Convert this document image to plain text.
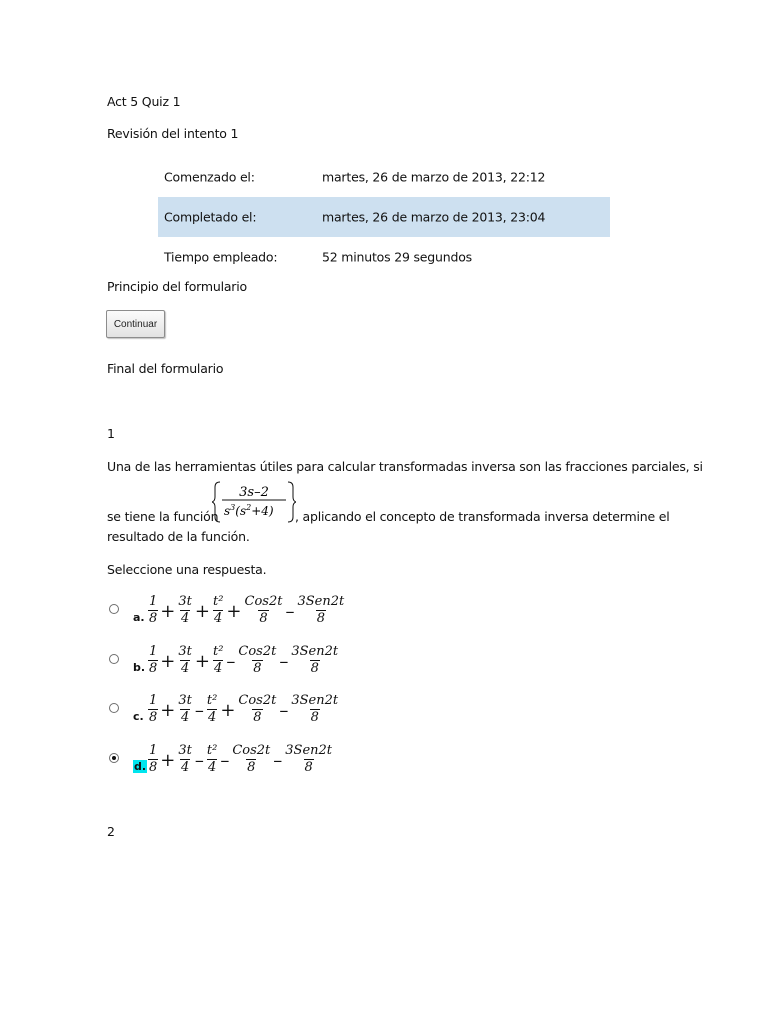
Act 5 Quiz 1
Revisión del intento 1
Comenzado el:	martes, 26 de marzo de 2013, 22:12
Completado el:	martes, 26 de marzo de 2013, 23:04
Tiempo empleado:	52 minutos 29 segundos
Principio del formulario
Continuar
Final del formulario
1
Una de las herramientas útiles para calcular transformadas inversa son las fracciones parciales, si
se tiene la función
3s–2
$s^3(s^2+4)$ , aplicando el concepto de transformada inversa determine el
resultado de la función.
Seleccione una respuesta.
a. $\frac{1}{8} + \frac{3t}{4} + \frac{\text{t²}}{4} + \frac{\text{Cos2t}}{8} - \frac{\text{3Sen2t}}{8}$
b. $\frac{1}{8} + \frac{3t}{4} + \frac{\text{t²}}{4} - \frac{\text{Cos2t}}{8} - \frac{\text{3Sen2t}}{8}$
c. $\frac{1}{8} + \frac{3t}{4} - \frac{\text{t²}}{4} + \frac{\text{Cos2t}}{8} - \frac{\text{3Sen2t}}{8}$
d. $\frac{1}{8} + \frac{3t}{4} - \frac{\text{t²}}{4} - \frac{\text{Cos2t}}{8} - \frac{\text{3Sen2t}}{8}$
2
